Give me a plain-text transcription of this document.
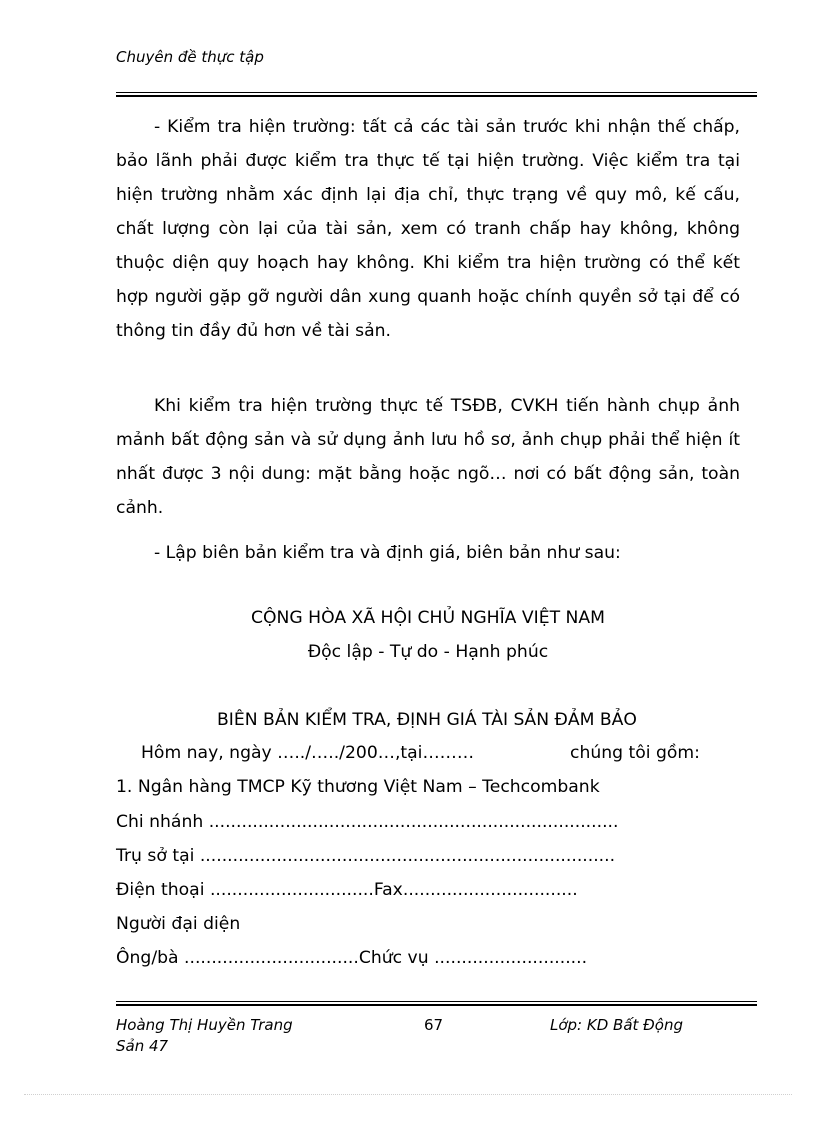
Chuyên đề thực tập

- Kiểm tra hiện trường: tất cả các tài sản trước khi nhận thế chấp, bảo lãnh phải được kiểm tra thực tế tại hiện trường. Việc kiểm tra tại hiện trường nhằm xác định lại địa chỉ, thực trạng về quy mô, kế cấu, chất lượng còn lại của tài sản, xem có tranh chấp hay không, không thuộc diện quy hoạch hay không. Khi kiểm tra hiện trường có thể kết hợp người gặp gỡ người dân xung quanh hoặc chính quyền sở tại để có thông tin đầy đủ hơn về tài sản.

Khi kiểm tra hiện trường thực tế TSĐB, CVKH tiến hành chụp ảnh mảnh bất động sản và sử dụng ảnh lưu hồ sơ, ảnh chụp phải thể hiện ít nhất được 3 nội dung: mặt bằng hoặc ngõ… nơi có bất động sản, toàn cảnh.

- Lập biên bản kiểm tra và định giá, biên bản như sau:
CỘNG HÒA XÃ HỘI CHỦ NGHĨA VIỆT NAM
Độc lập - Tự do - Hạnh phúc
BIÊN BẢN KIỂM TRA, ĐỊNH GIÁ TÀI SẢN ĐẢM BẢO
Hôm nay, ngày …../…../200…,tại………	chúng tôi gồm:
1. Ngân hàng TMCP Kỹ thương Việt Nam – Techcombank
Chi nhánh ...........................................................................
Trụ sở tại ............................................................................
Điện thoại ..............................Fax................................
Người đại diện
Ông/bà ................................Chức vụ ............................
Hoàng Thị Huyền Trang
Sản 47
67	Lớp: KD Bất Động
